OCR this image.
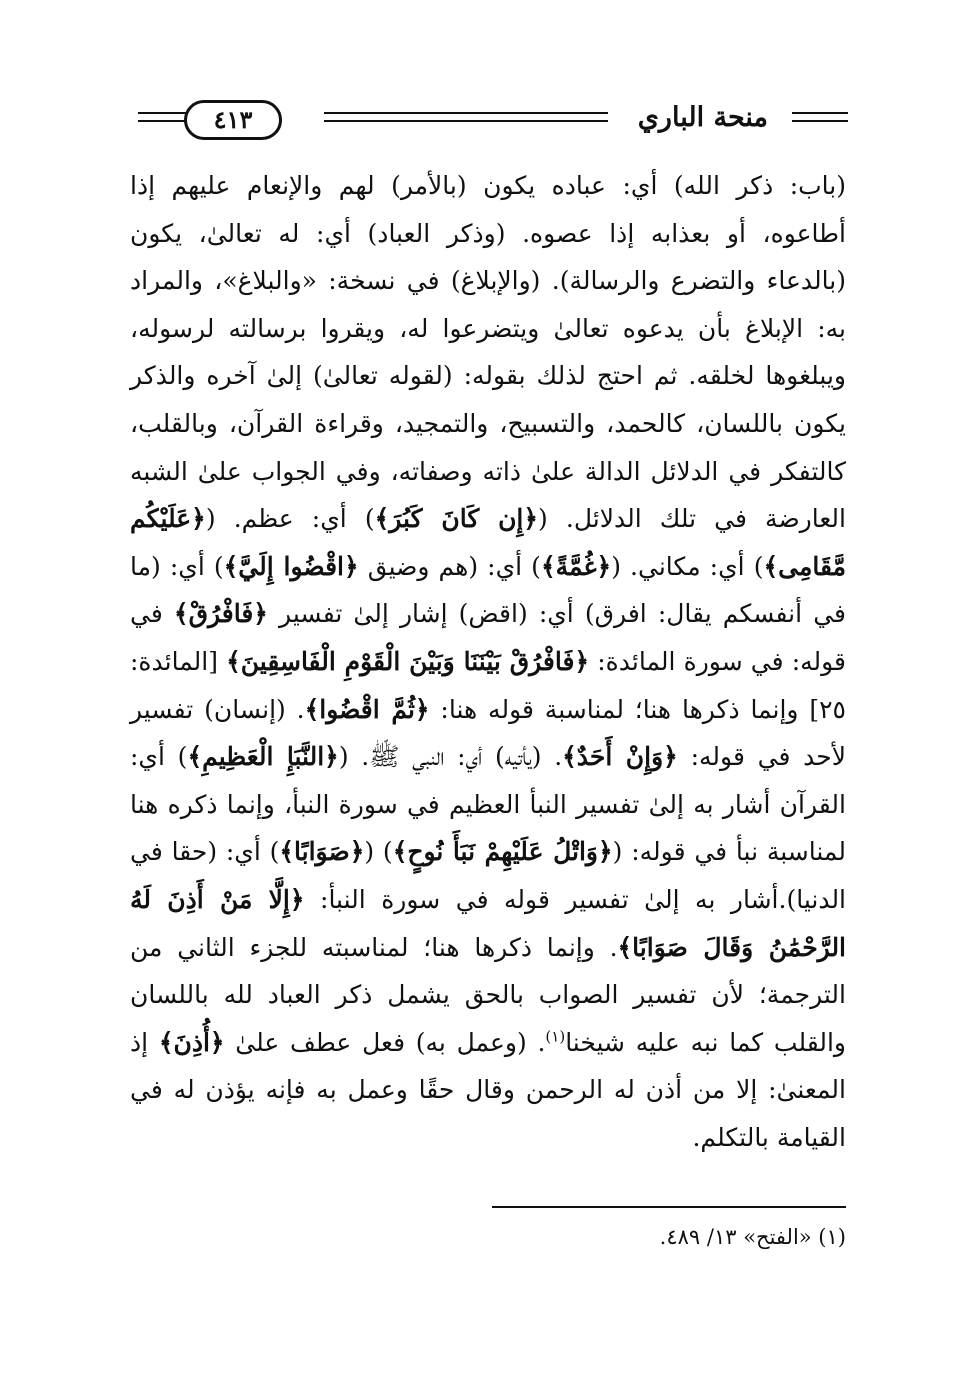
منحة الباري
٤١٣

(باب: ذكر الله) أي: عباده يكون (بالأمر) لهم والإنعام عليهم إذا أطاعوه، أو بعذابه إذا عصوه. (وذكر العباد) أي: له تعالىٰ، يكون (بالدعاء والتضرع والرسالة). (والإبلاغ) في نسخة: «والبلاغ»، والمراد به: الإبلاغ بأن يدعوه تعالىٰ ويتضرعوا له، ويقروا برسالته لرسوله، ويبلغوها لخلقه. ثم احتج لذلك بقوله: (لقوله تعالىٰ) إلىٰ آخره والذكر يكون باللسان، كالحمد، والتسبيح، والتمجيد، وقراءة القرآن، وبالقلب، كالتفكر في الدلائل الدالة علىٰ ذاته وصفاته، وفي الجواب علىٰ الشبه العارضة في تلك الدلائل. (﴿إِن كَانَ كَبُرَ﴾) أي: عظم. (﴿عَلَيْكُم مَّقَامِى﴾) أي: مكاني. (﴿غُمَّةً﴾) أي: (هم وضيق ﴿اقْضُوا إِلَيَّ﴾) أي: (ما في أنفسكم يقال: افرق) أي: (اقض) إشار إلىٰ تفسير ﴿فَافْرُقْ﴾ في قوله: في سورة المائدة: ﴿فَافْرُقْ بَيْنَنَا وَبَيْنَ الْقَوْمِ الْفَاسِقِينَ﴾ [المائدة: ٢٥] وإنما ذكرها هنا؛ لمناسبة قوله هنا: ﴿ثُمَّ اقْضُوا﴾. (إنسان) تفسير لأحد في قوله: ﴿وَإِنْ أَحَدٌ﴾. (يأتيه) أي: النبي ﷺ. (﴿النَّبَإِ الْعَظِيمِ﴾) أي: القرآن أشار به إلىٰ تفسير النبأ العظيم في سورة النبأ، وإنما ذكره هنا لمناسبة نبأ في قوله: (﴿وَاتْلُ عَلَيْهِمْ نَبَأَ نُوحٍ﴾) (﴿صَوَابًا﴾) أي: (حقا في الدنيا).أشار به إلىٰ تفسير قوله في سورة النبأ: ﴿إِلَّا مَنْ أَذِنَ لَهُ الرَّحْمَٰنُ وَقَالَ صَوَابًا﴾. وإنما ذكرها هنا؛ لمناسبته للجزء الثاني من الترجمة؛ لأن تفسير الصواب بالحق يشمل ذكر العباد لله باللسان والقلب كما نبه عليه شيخنا$^{(١)}$. (وعمل به) فعل عطف علىٰ ﴿أُذِنَ﴾ إذ المعنىٰ: إلا من أذن له الرحمن وقال حقًا وعمل به فإنه يؤذن له في القيامة بالتكلم.

(١) «الفتح» ١٣/ ٤٨٩.
